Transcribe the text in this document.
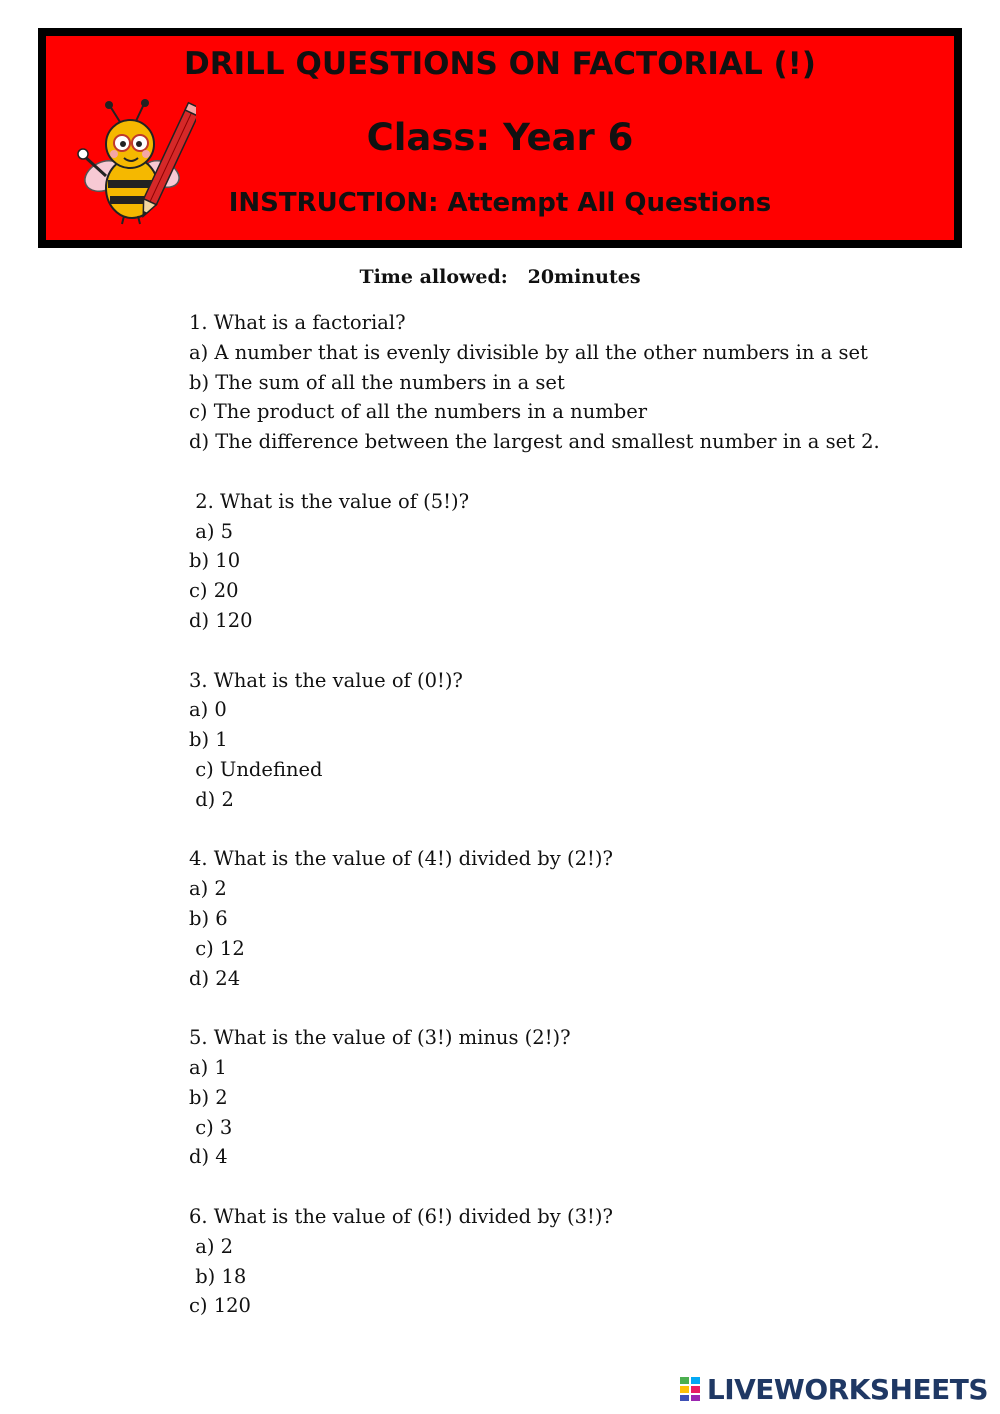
DRILL QUESTIONS ON FACTORIAL (!)
Class: Year 6
INSTRUCTION: Attempt All Questions
Time allowed:   20minutes
1. What is a factorial?
a) A number that is evenly divisible by all the other numbers in a set
b) The sum of all the numbers in a set
c) The product of all the numbers in a number
d) The difference between the largest and smallest number in a set 2.
2. What is the value of (5!)?
a) 5
b) 10
c) 20
d) 120
3. What is the value of (0!)?
a) 0
b) 1
c) Undefined
d) 2
4. What is the value of (4!) divided by (2!)?
a) 2
b) 6
c) 12
d) 24
5. What is the value of (3!) minus (2!)?
a) 1
b) 2
c) 3
d) 4
6. What is the value of (6!) divided by (3!)?
a) 2
b) 18
c) 120
LIVEWORKSHEETS
